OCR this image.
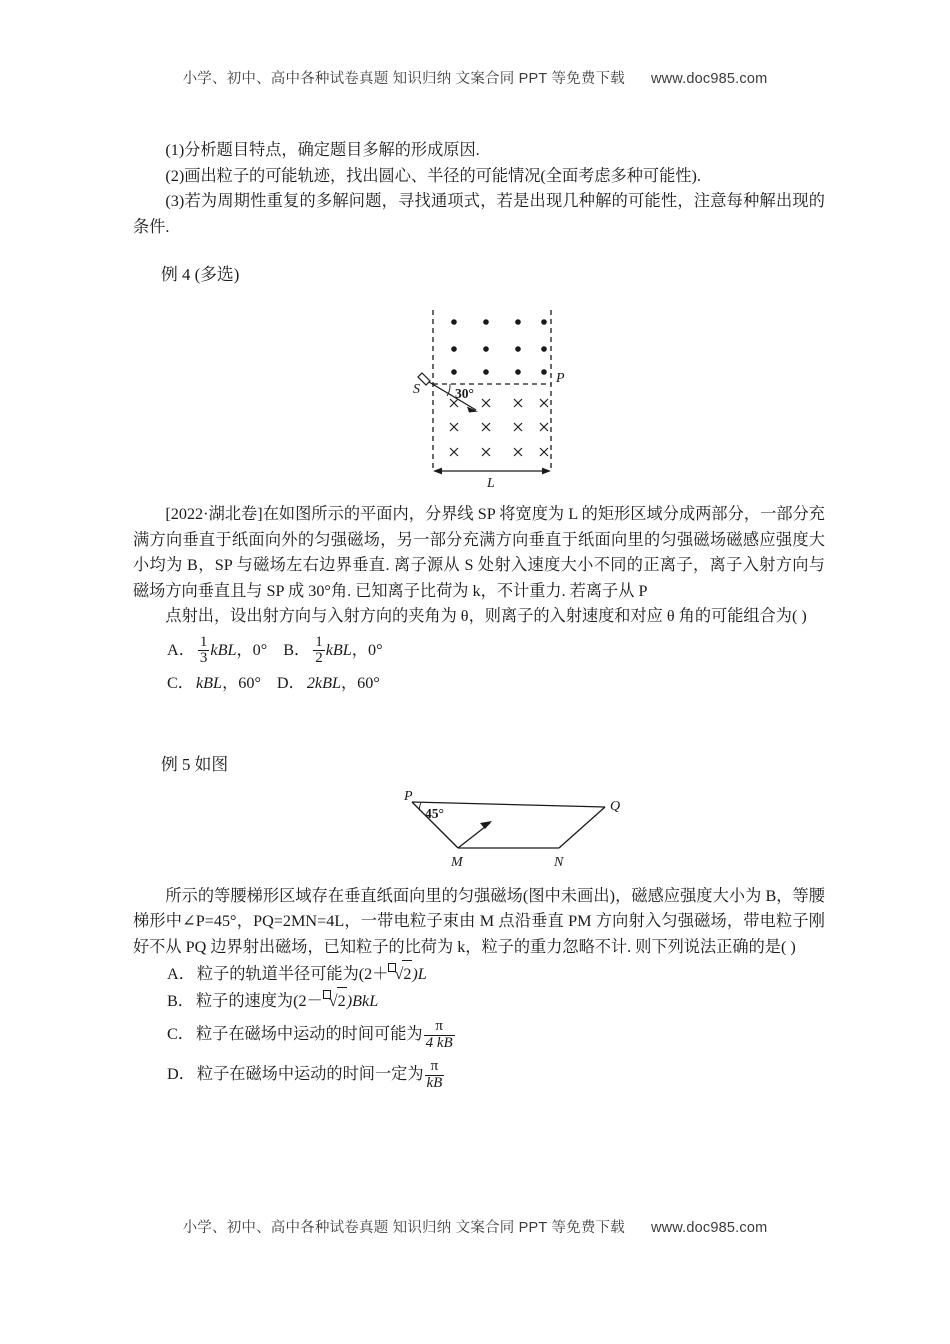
小学、初中、高中各种试卷真题 知识归纳 文案合同 PPT 等免费下载 www.doc985.com

(1)分析题目特点，确定题目多解的形成原因.

(2)画出粒子的可能轨迹，找出圆心、半径的可能情况(全面考虑多种可能性).

(3)若为周期性重复的多解问题，寻找通项式，若是出现几种解的可能性，注意每种解出现的条件.

例 4 (多选)

S
P
30°
L

[2022·湖北卷]在如图所示的平面内，分界线 SP 将宽度为 L 的矩形区域分成两部分，一部分充满方向垂直于纸面向外的匀强磁场，另一部分充满方向垂直于纸面向里的匀强磁场磁感应强度大小均为 B，SP 与磁场左右边界垂直. 离子源从 S 处射入速度大小不同的正离子，离子入射方向与磁场方向垂直且与 SP 成 30°角. 已知离子比荷为 k，不计重力. 若离子从 P

点射出，设出射方向与入射方向的夹角为 θ，则离子的入射速度和对应 θ 角的可能组合为( )

A． $\frac{1}{3}$ kBL，0° B． $\frac{1}{2}$ kBL，0°

C． kBL，60° D． 2kBL，60°

例 5 如图

45°
P
Q
M	N

所示的等腰梯形区域存在垂直纸面向里的匀强磁场(图中未画出)，磁感应强度大小为 B，等腰梯形中∠P=45°，PQ=2MN=4L，一带电粒子束由 M 点沿垂直 PM 方向射入匀强磁场，带电粒子刚好不从 PQ 边界射出磁场，已知粒子的比荷为 k，粒子的重力忽略不计. 则下列说法正确的是( )

A． 粒子的轨道半径可能为(2＋ √2)L

B． 粒子的速度为(2－ √2)BkL

C． 粒子在磁场中运动的时间可能为 $\frac{\pi}{4 kB}$

D． 粒子在磁场中运动的时间一定为 $\frac{\pi}{kB}$

小学、初中、高中各种试卷真题 知识归纳 文案合同 PPT 等免费下载 www.doc985.com
